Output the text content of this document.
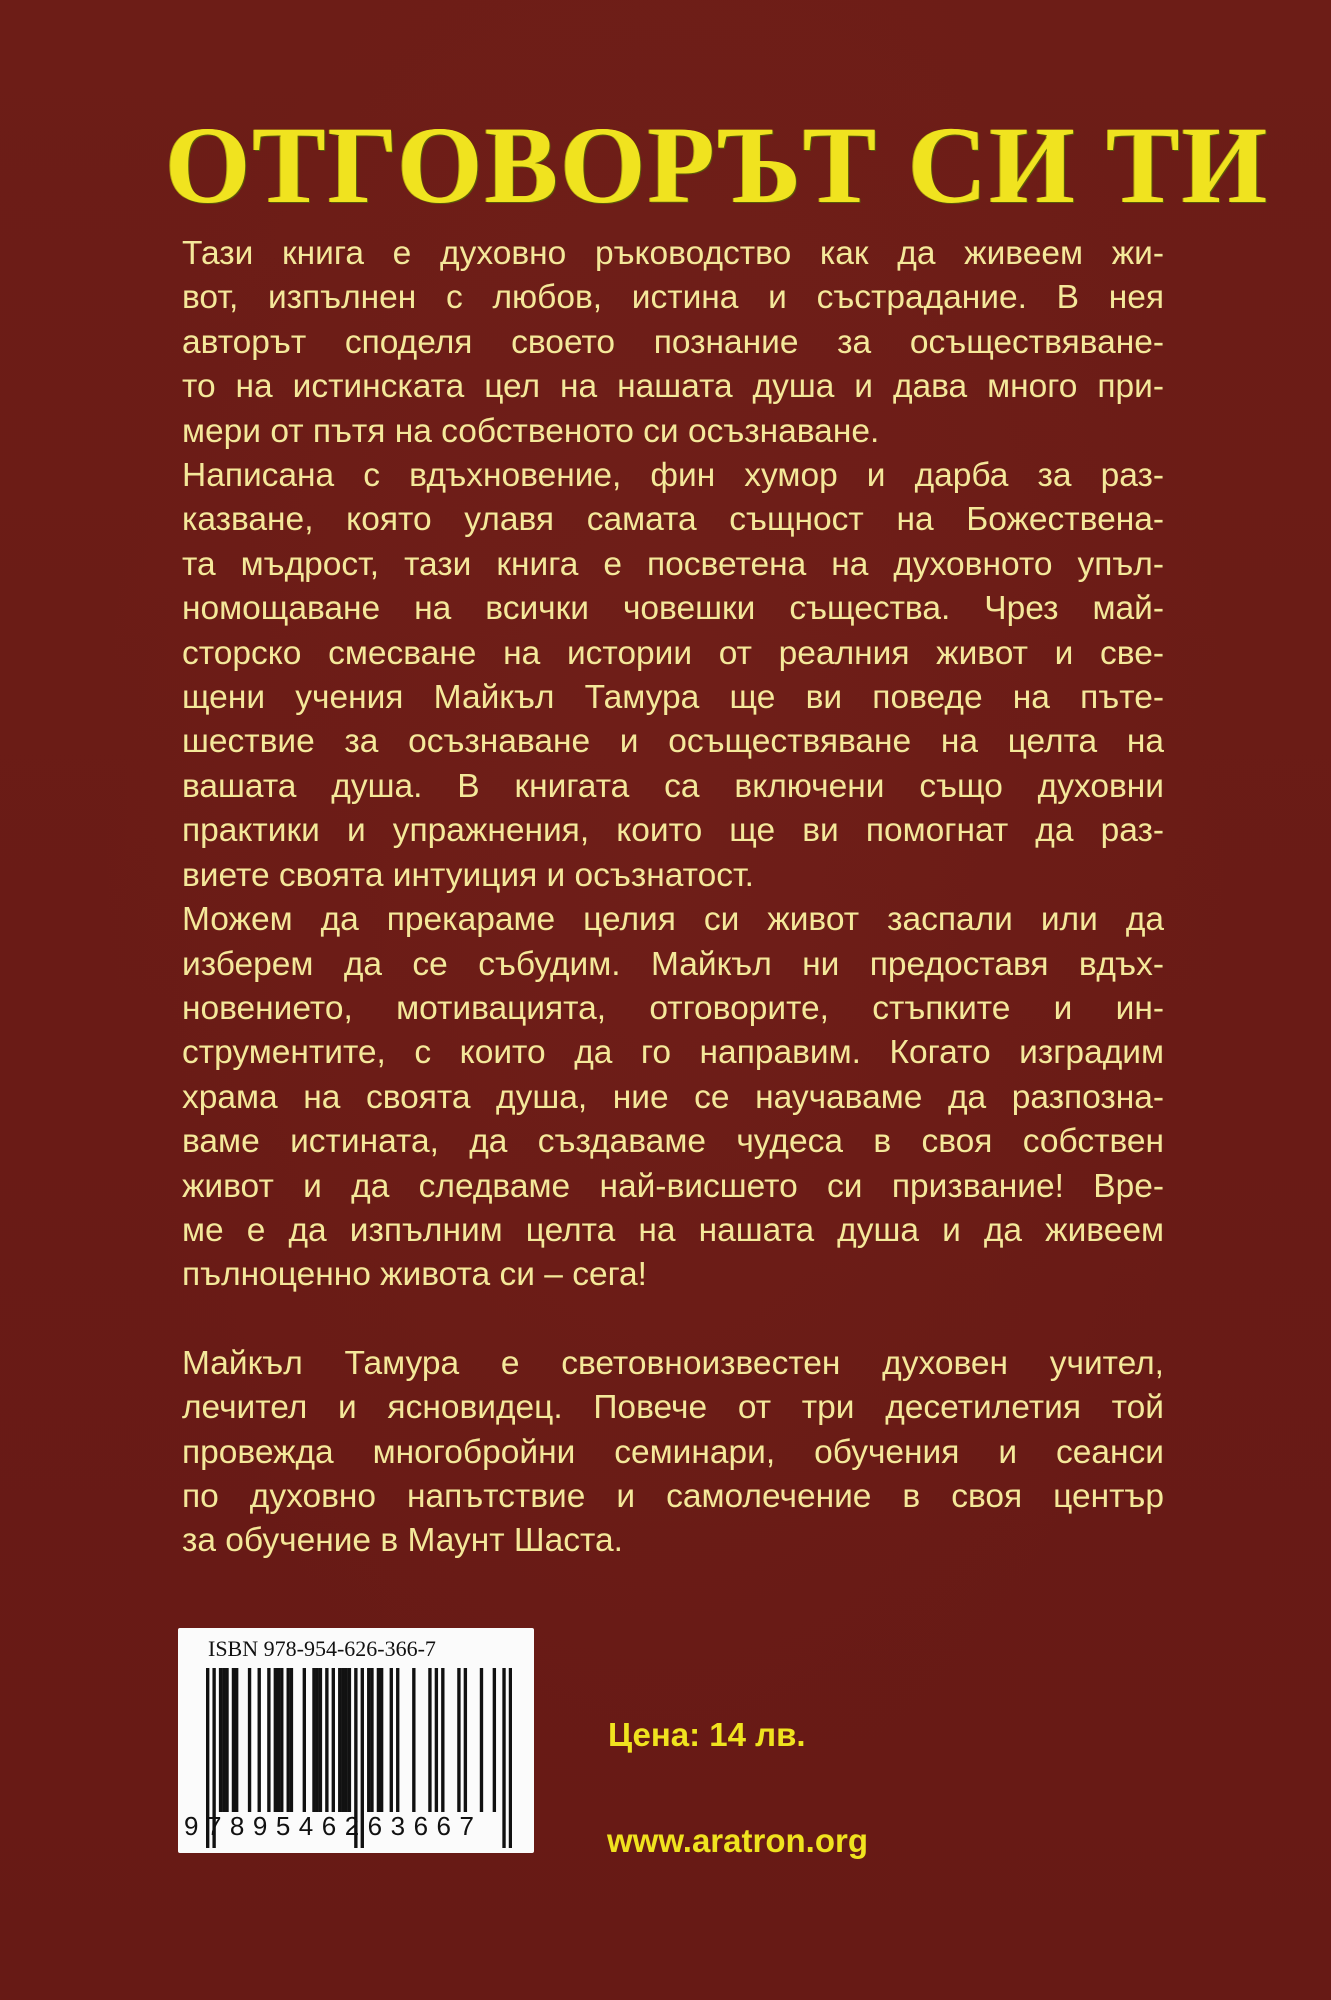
ОТГОВОРЪТ СИ ТИ
Тази книга е духовно ръководство как да живеем жи-
вот, изпълнен с любов, истина и състрадание. В нея
авторът споделя своето познание за осъществяване-
то на истинската цел на нашата душа и дава много при-
мери от пътя на собственото си осъзнаване.
Написана с вдъхновение, фин хумор и дарба за раз-
казване, която улавя самата същност на Божествена-
та мъдрост, тази книга е посветена на духовното упъл-
номощаване на всички човешки същества. Чрез май-
сторско смесване на истории от реалния живот и све-
щени учения Майкъл Тамура ще ви поведе на пъте-
шествие за осъзнаване и осъществяване на целта на
вашата душа. В книгата са включени също духовни
практики и упражнения, които ще ви помогнат да раз-
виете своята интуиция и осъзнатост.
Можем да прекараме целия си живот заспали или да
изберем да се събудим. Майкъл ни предоставя вдъх-
новението, мотивацията, отговорите, стъпките и ин-
струментите, с които да го направим. Когато изградим
храма на своята душа, ние се научаваме да разпозна-
ваме истината, да създаваме чудеса в своя собствен
живот и да следваме най-висшето си призвание! Вре-
ме е да изпълним целта на нашата душа и да живеем
пълноценно живота си – сега!
Майкъл Тамура е световноизвестен духовен учител,
лечител и ясновидец. Повече от три десетилетия той
провежда многобройни семинари, обучения и сеанси
по духовно напътствие и самолечение в своя център
за обучение в Маунт Шаста.
ISBN 978-954-626-366-7
9789546263667
Цена: 14 лв.
www.aratron.org
